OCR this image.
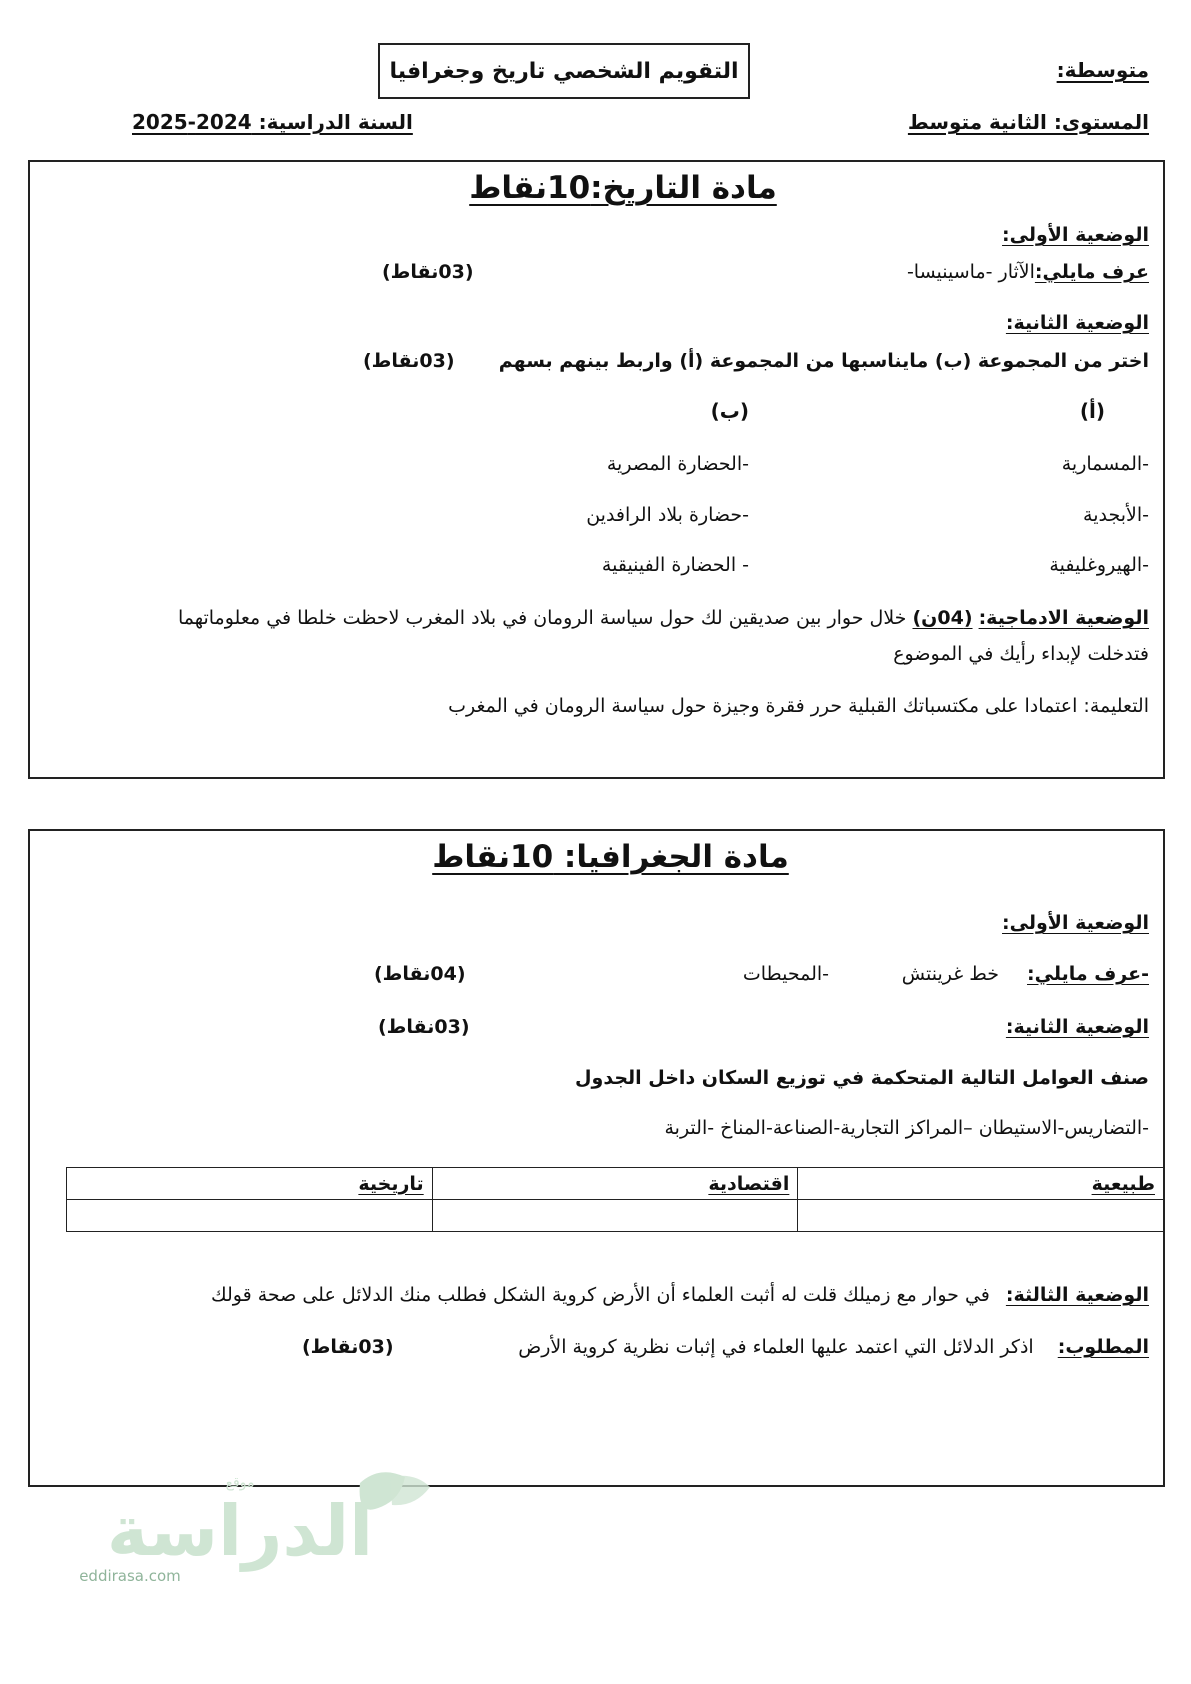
متوسطة:
التقويم الشخصي تاريخ وجغرافيا
المستوى: الثانية متوسط
السنة الدراسية: 2024-2025
مادة التاريخ:10نقاط
الوضعية الأولى:
عرف مايلي:الآثار -ماسينيسا-
(03نقاط)
الوضعية الثانية:
اختر من المجموعة (ب) مايناسبها من المجموعة (أ) واربط بينهم بسهم
(03نقاط)
(أ)
(ب)
-المسمارية
-الأبجدية
-الهيروغليفية
-الحضارة المصرية
-حضارة بلاد الرافدين
- الحضارة الفينيقية
الوضعية الادماجية: (04ن) خلال حوار بين صديقين لك حول سياسة الرومان في بلاد المغرب لاحظت خلطا في معلوماتهما
فتدخلت لإبداء رأيك في الموضوع
التعليمة: اعتمادا على مكتسباتك القبلية حرر فقرة وجيزة حول سياسة الرومان في المغرب
مادة الجغرافيا: 10نقاط
الوضعية الأولى:
-عرف مايلي:
خط غرينتش
-المحيطات
(04نقاط)
الوضعية الثانية:
(03نقاط)
صنف العوامل التالية المتحكمة في توزيع السكان داخل الجدول
-التضاريس-الاستيطان –المراكز التجارية-الصناعة-المناخ -التربة
طبيعية	اقتصادية	تاريخية

الوضعية الثالثة: في حوار مع زميلك قلت له أثبت العلماء أن الأرض كروية الشكل فطلب منك الدلائل على صحة قولك
المطلوب: اذكر الدلائل التي اعتمد عليها العلماء في إثبات نظرية كروية الأرض
(03نقاط)
موقع
الدراسة
eddirasa.com
